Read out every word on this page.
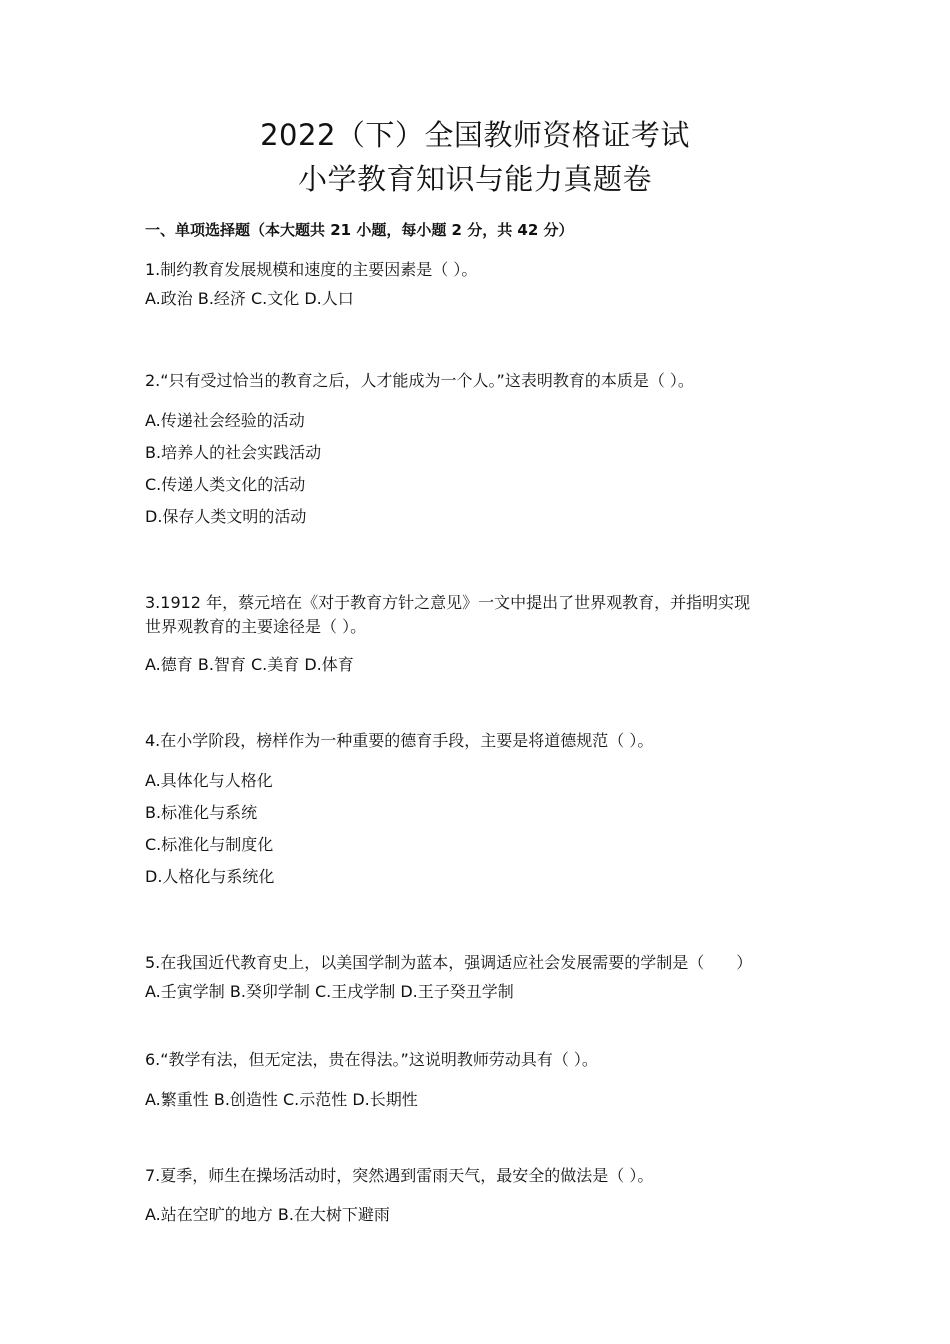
2022（下）全国教师资格证考试
小学教育知识与能力真题卷
一、单项选择题（本大题共 21 小题，每小题 2 分，共 42 分）
1.制约教育发展规模和速度的主要因素是（ ）。
A.政治 B.经济 C.文化 D.人口
2.“只有受过恰当的教育之后，人才能成为一个人。”这表明教育的本质是（ ）。
A.传递社会经验的活动
B.培养人的社会实践活动
C.传递人类文化的活动
D.保存人类文明的活动
3.1912 年，蔡元培在《对于教育方针之意见》一文中提出了世界观教育，并指明实现
世界观教育的主要途径是（ ）。
A.德育 B.智育 C.美育 D.体育
4.在小学阶段，榜样作为一种重要的德育手段，主要是将道德规范（ ）。
A.具体化与人格化
B.标准化与系统
C.标准化与制度化
D.人格化与系统化
5.在我国近代教育史上，以美国学制为蓝本，强调适应社会发展需要的学制是（　　）
A.壬寅学制 B.癸卯学制 C.王戌学制 D.王子癸丑学制
6.“教学有法，但无定法，贵在得法。”这说明教师劳动具有（ ）。
A.繁重性 B.创造性 C.示范性 D.长期性
7.夏季，师生在操场活动时，突然遇到雷雨天气，最安全的做法是（ ）。
A.站在空旷的地方 B.在大树下避雨
